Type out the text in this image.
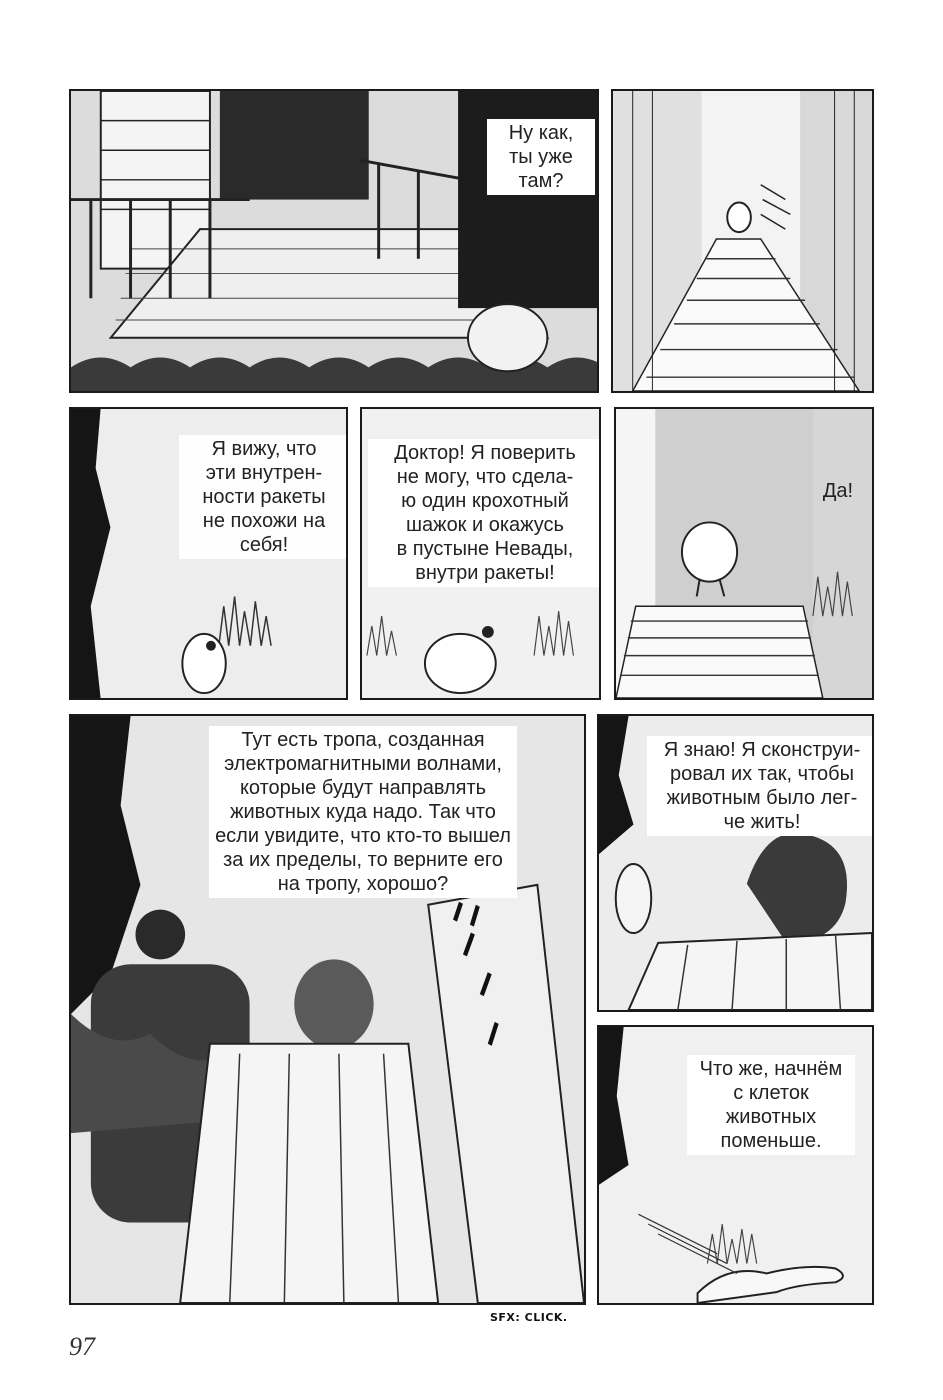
Ну как,
ты уже
там?
Я вижу, что
эти внутрен-
ности ракеты
не похожи на
себя!
Доктор! Я поверить
не могу, что сдела-
ю один крохотный
шажок и окажусь
в пустыне Невады,
внутри ракеты!
Да!
Тут есть тропа, созданная
электромагнитными волнами,
которые будут направлять
животных куда надо. Так что
если увидите, что кто-то вышел
за их пределы, то верните его
на тропу, хорошо?
Я знаю! Я сконструи-
ровал их так, чтобы
животным было лег-
че жить!
Что же, начнём
с клеток
животных
поменьше.
SFX: CLICK.
97
